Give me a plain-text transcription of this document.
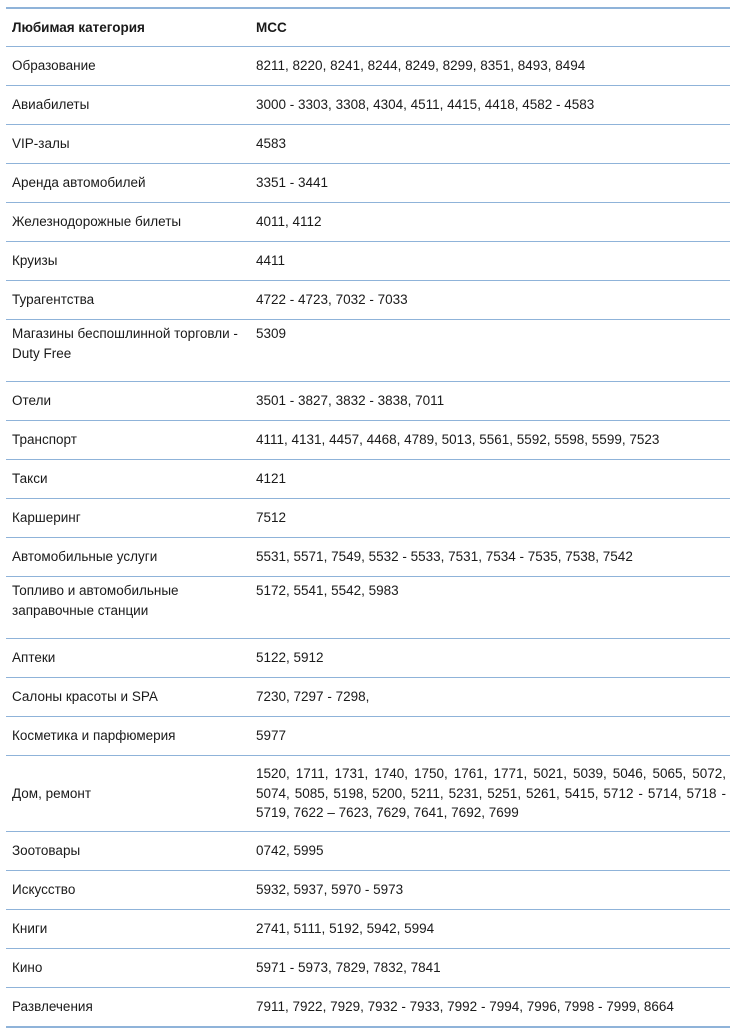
Любимая категория	MCC
Образование	8211, 8220, 8241, 8244, 8249, 8299, 8351, 8493, 8494
Авиабилеты	3000 - 3303, 3308, 4304, 4511, 4415, 4418, 4582 - 4583
VIP-залы	4583
Аренда автомобилей	3351 - 3441
Железнодорожные билеты	4011, 4112
Круизы	4411
Турагентства	4722 - 4723, 7032 - 7033
Магазины беспошлинной торговли - Duty Free	5309
Отели	3501 - 3827, 3832 - 3838, 7011
Транспорт	4111, 4131, 4457, 4468, 4789, 5013, 5561, 5592, 5598, 5599, 7523
Такси	4121
Каршеринг	7512
Автомобильные услуги	5531, 5571, 7549, 5532 - 5533, 7531, 7534 - 7535, 7538, 7542
Топливо и автомобильные заправочные станции	5172, 5541, 5542, 5983
Аптеки	5122, 5912
Салоны красоты и SPA	7230, 7297 - 7298,
Косметика и парфюмерия	5977
Дом, ремонт	1520, 1711, 1731, 1740, 1750, 1761, 1771, 5021, 5039, 5046, 5065, 5072, 5074, 5085, 5198, 5200, 5211, 5231, 5251, 5261, 5415, 5712 - 5714, 5718 - 5719, 7622 – 7623, 7629, 7641, 7692, 7699
Зоотовары	0742, 5995
Искусство	5932, 5937, 5970 - 5973
Книги	2741, 5111, 5192, 5942, 5994
Кино	5971 - 5973, 7829, 7832, 7841
Развлечения	7911, 7922, 7929, 7932 - 7933, 7992 - 7994, 7996, 7998 - 7999, 8664
